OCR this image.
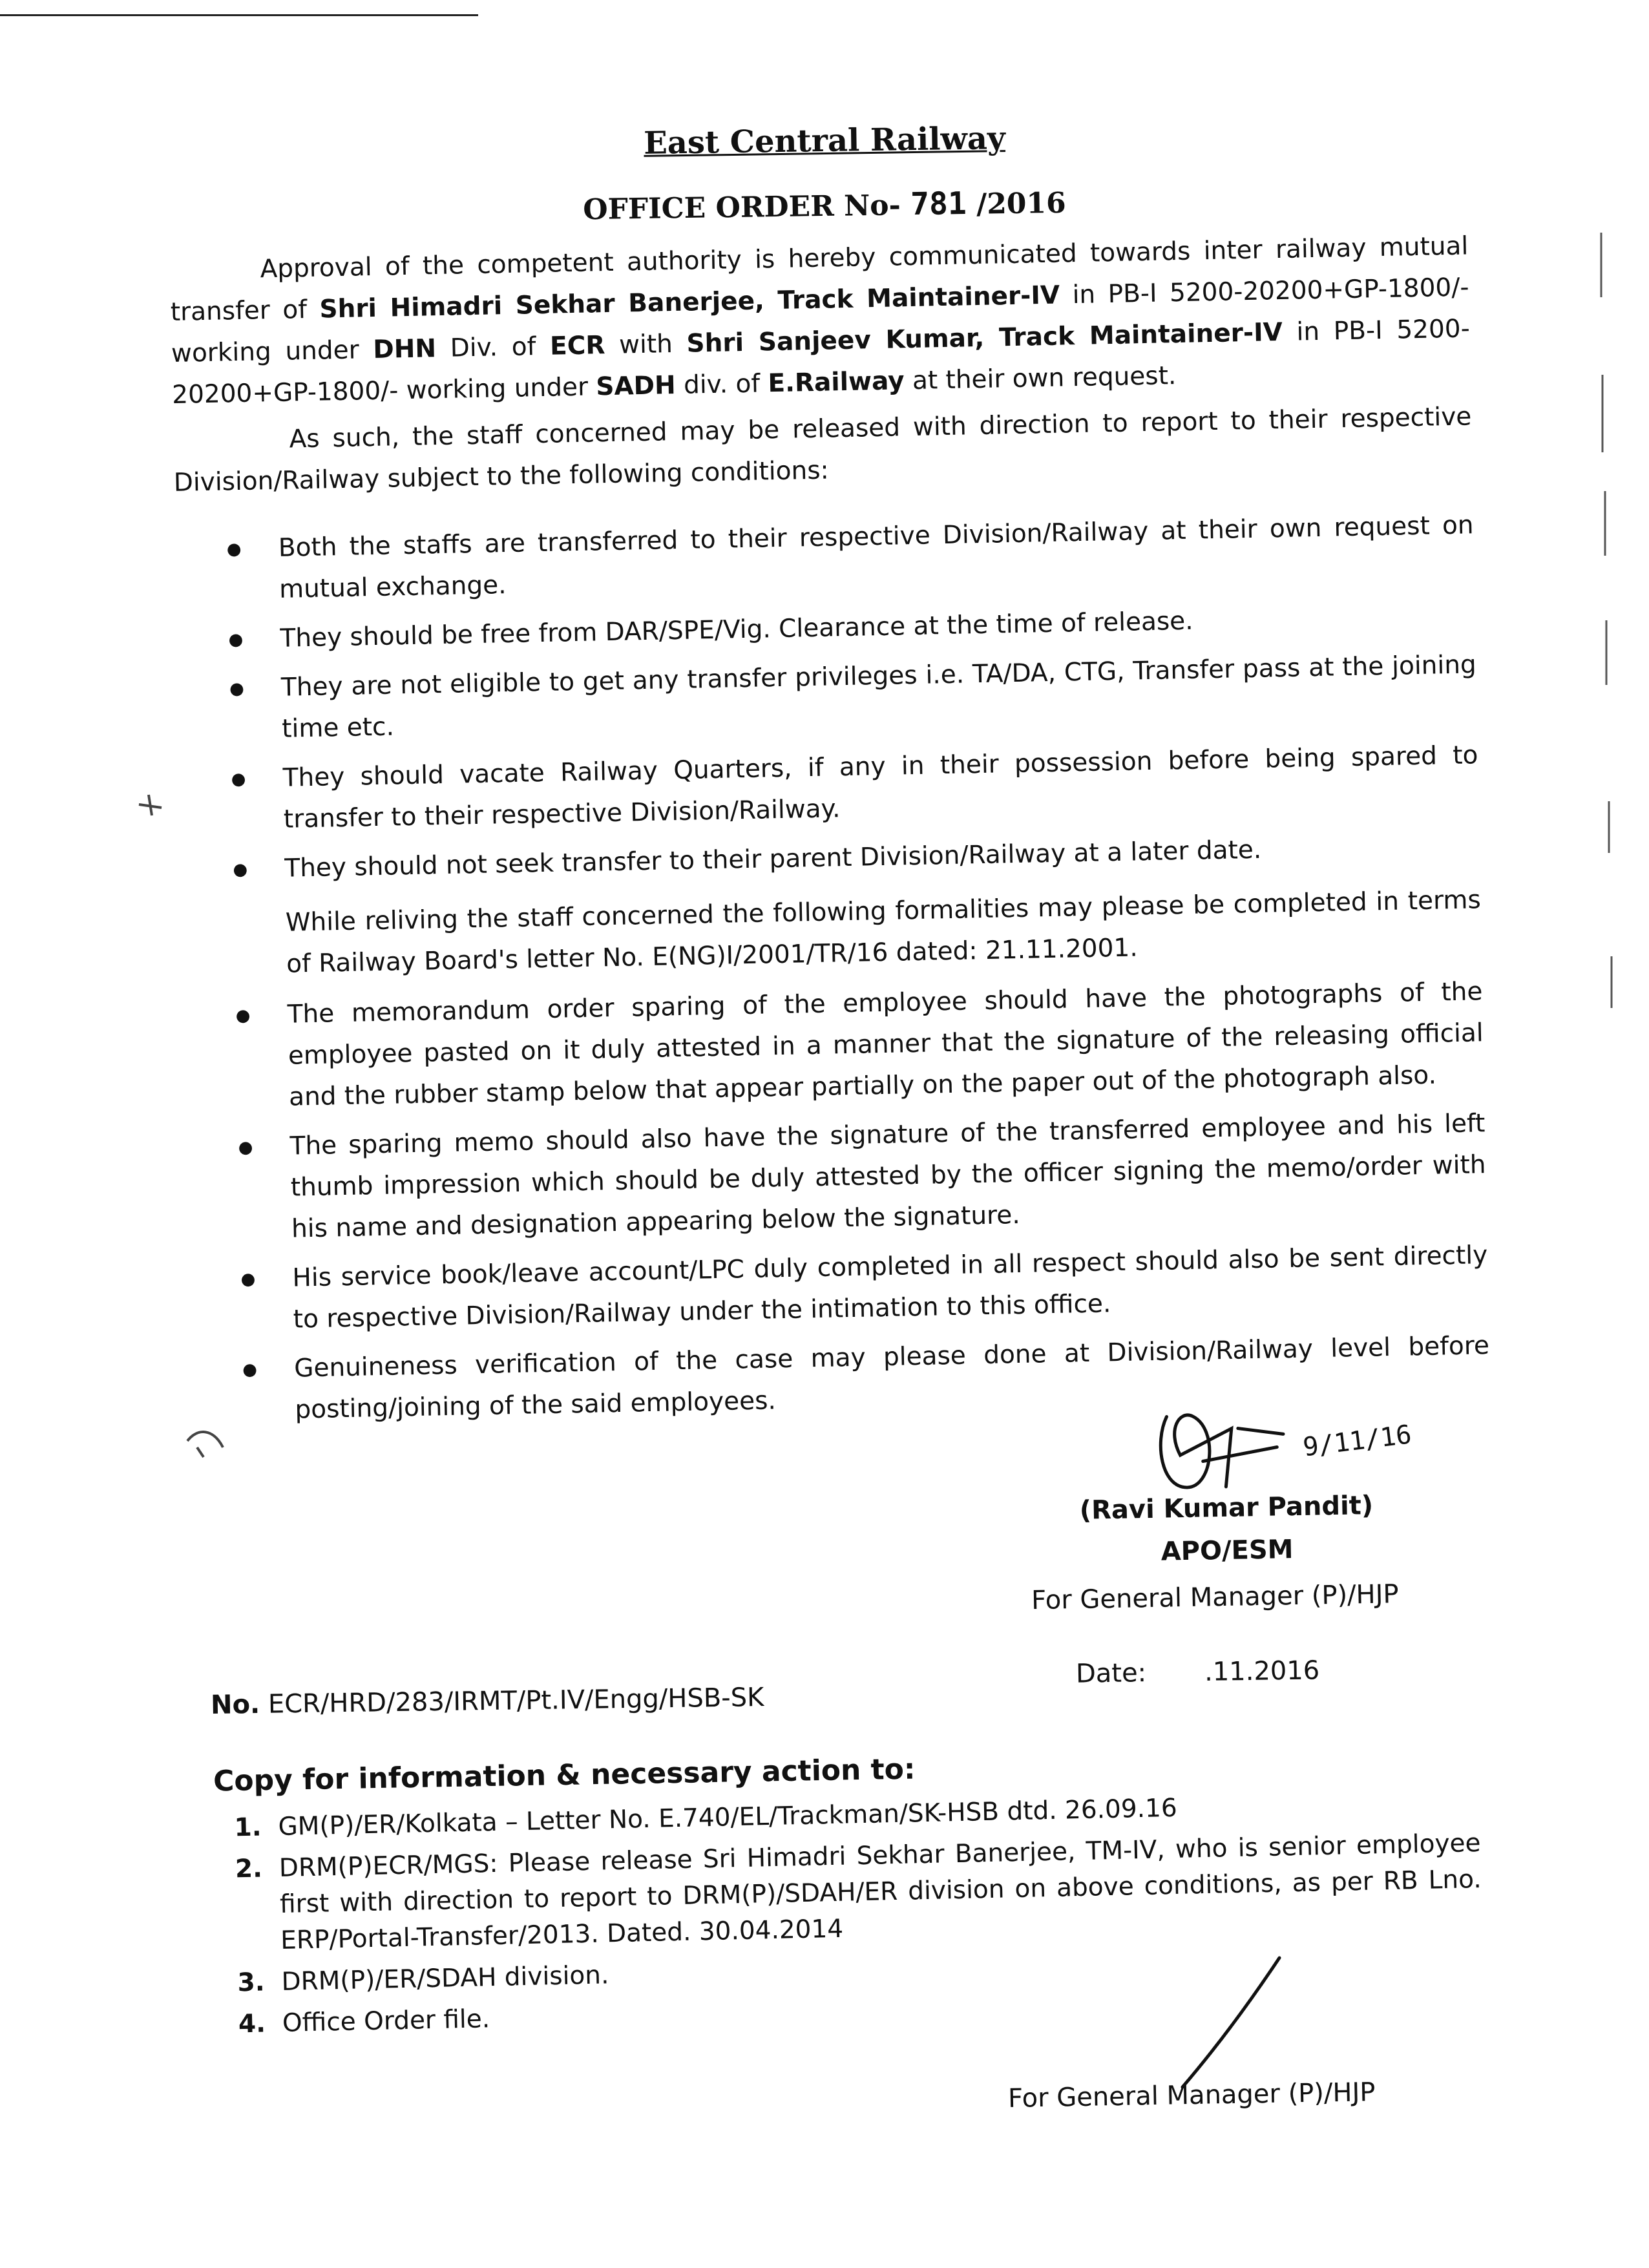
East Central Railway
OFFICE ORDER No- 781 /2016

Approval of the competent authority is hereby communicated towards inter railway mutual transfer of Shri Himadri Sekhar Banerjee, Track Maintainer-IV in PB-I 5200-20200+GP-1800/- working under DHN Div. of ECR with Shri Sanjeev Kumar, Track Maintainer-IV in PB-I 5200-20200+GP-1800/- working under SADH div. of E.Railway at their own request.

As such, the staff concerned may be released with direction to report to their respective Division/Railway subject to the following conditions:

● Both the staffs are transferred to their respective Division/Railway at their own request on mutual exchange.
● They should be free from DAR/SPE/Vig. Clearance at the time of release.
● They are not eligible to get any transfer privileges i.e. TA/DA, CTG, Transfer pass at the joining time etc.
● They should vacate Railway Quarters, if any in their possession before being spared to transfer to their respective Division/Railway.
● They should not seek transfer to their parent Division/Railway at a later date.
While reliving the staff concerned the following formalities may please be completed in terms of Railway Board's letter No. E(NG)I/2001/TR/16 dated: 21.11.2001.
● The memorandum order sparing of the employee should have the photographs of the employee pasted on it duly attested in a manner that the signature of the releasing official and the rubber stamp below that appear partially on the paper out of the photograph also.
● The sparing memo should also have the signature of the transferred employee and his left thumb impression which should be duly attested by the officer signing the memo/order with his name and designation appearing below the signature.
● His service book/leave account/LPC duly completed in all respect should also be sent directly to respective Division/Railway under the intimation to this office.
● Genuineness verification of the case may please done at Division/Railway level before posting/joining of the said employees.
9/11/16
(Ravi Kumar Pandit)
APO/ESM
For General Manager (P)/HJP
Date: .11.2016
No. ECR/HRD/283/IRMT/Pt.IV/Engg/HSB-SK
Copy for information & necessary action to:
1. GM(P)/ER/Kolkata – Letter No. E.740/EL/Trackman/SK-HSB dtd. 26.09.16
2. DRM(P)ECR/MGS: Please release Sri Himadri Sekhar Banerjee, TM-IV, who is senior employee first with direction to report to DRM(P)/SDAH/ER division on above conditions, as per RB Lno. ERP/Portal-Transfer/2013. Dated. 30.04.2014
3. DRM(P)/ER/SDAH division.
4. Office Order file.
For General Manager (P)/HJP
